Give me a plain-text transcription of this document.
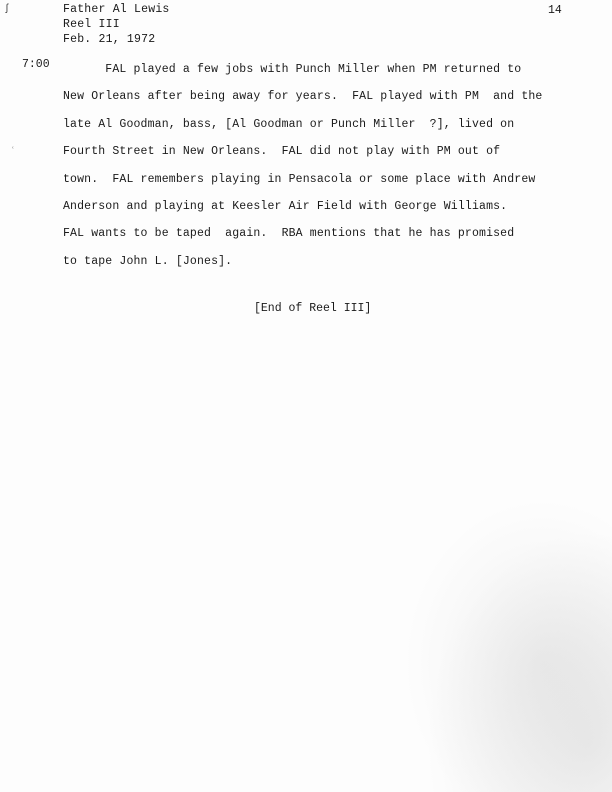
ʃ	Father Al Lewis
Reel III
Feb. 21, 1972
14
7:00
ʿ
FAL played a few jobs with Punch Miller when PM returned to
New Orleans after being away for years.  FAL played with PM  and the
late Al Goodman, bass, [Al Goodman or Punch Miller  ?], lived on
Fourth Street in New Orleans.  FAL did not play with PM out of
town.  FAL remembers playing in Pensacola or some place with Andrew
Anderson and playing at Keesler Air Field with George Williams.
FAL wants to be taped  again.  RBA mentions that he has promised
to tape John L. [Jones].
[End of Reel III]
